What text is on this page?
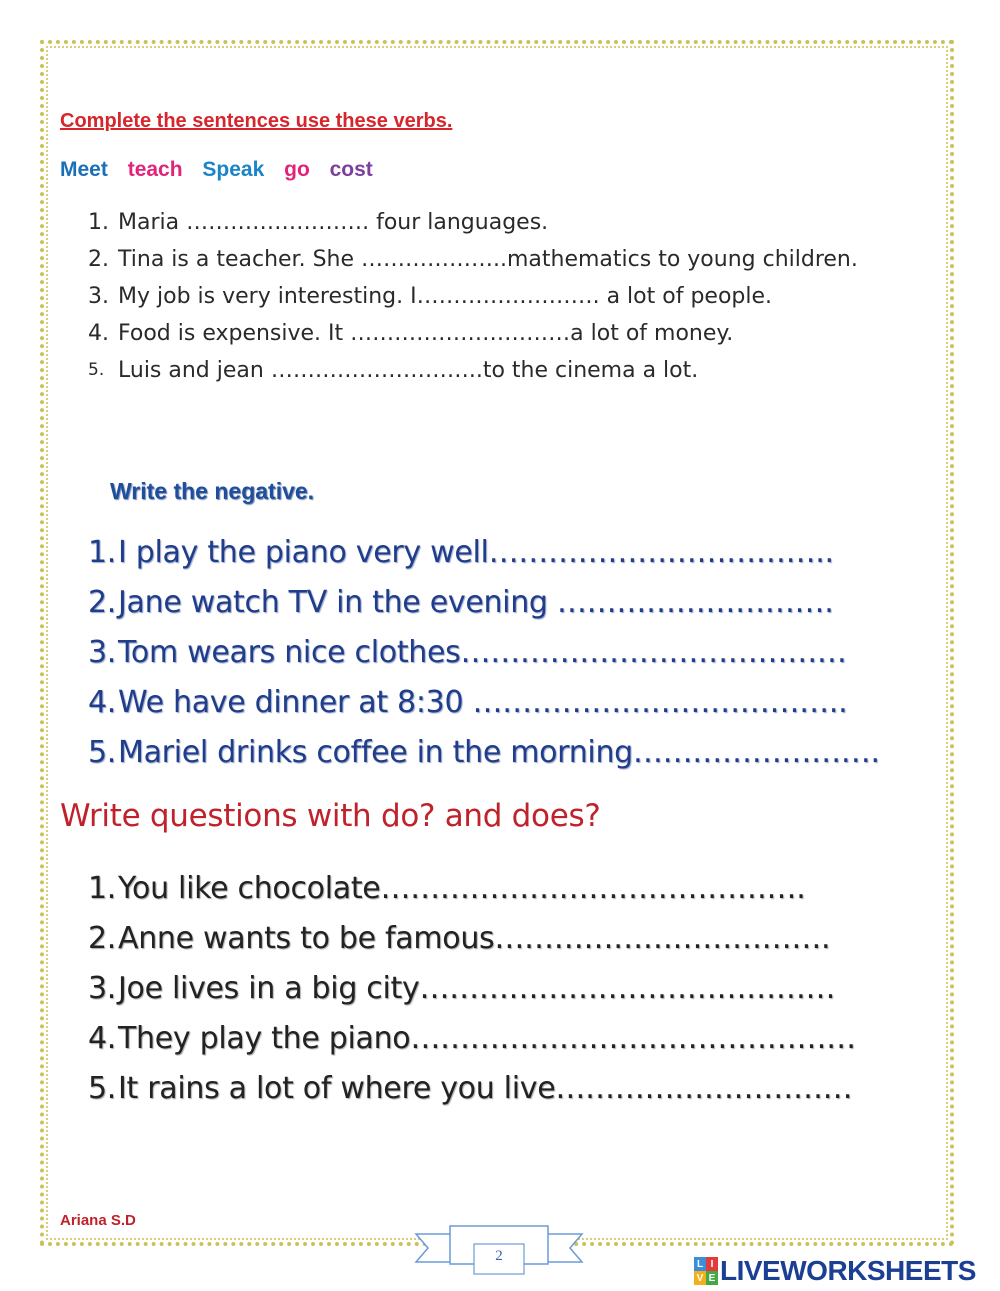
Complete the sentences use these verbs.
Meet teach Speak go cost
1. Maria ……………………. four languages.
2. Tina is a teacher. She ………………..mathematics to young children.
3. My job is very interesting. I……………………. a lot of people.
4. Food is expensive. It …………………………a lot of money.
5. Luis and jean ………………………..to the cinema a lot.
Write the negative.
1. I play the piano very well……………………………..
2. Jane watch TV in the evening ……………………….
3. Tom wears nice clothes…………………………………
4. We have dinner at 8:30 ………………………………..
5. Mariel drinks coffee in the morning…………………….
Write questions with do? and does?
1. You like chocolate…………………………………….
2. Anne wants to be famous…………………………….
3. Joe lives in a big city……………………………………
4. They play the piano………………………………………
5. It rains a lot of where you live…………………………
Ariana S.D
2	L I
V E LIVEWORKSHEETS
